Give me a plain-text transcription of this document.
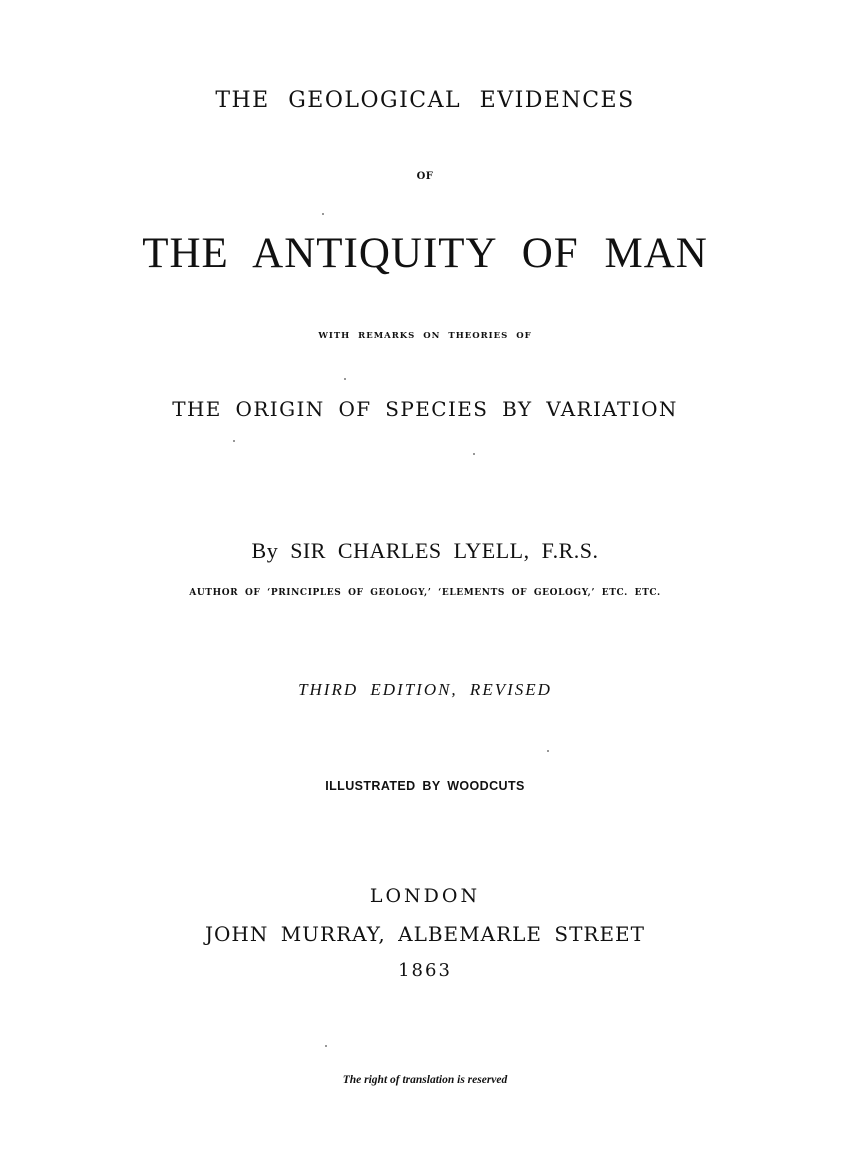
THE GEOLOGICAL EVIDENCES
OF
THE ANTIQUITY OF MAN
WITH REMARKS ON THEORIES OF
THE ORIGIN OF SPECIES BY VARIATION
By SIR CHARLES LYELL, F.R.S.
AUTHOR OF ‘PRINCIPLES OF GEOLOGY,’ ‘ELEMENTS OF GEOLOGY,’ ETC. ETC.
THIRD EDITION, REVISED
ILLUSTRATED BY WOODCUTS
LONDON
JOHN MURRAY, ALBEMARLE STREET
1863
The right of translation is reserved
